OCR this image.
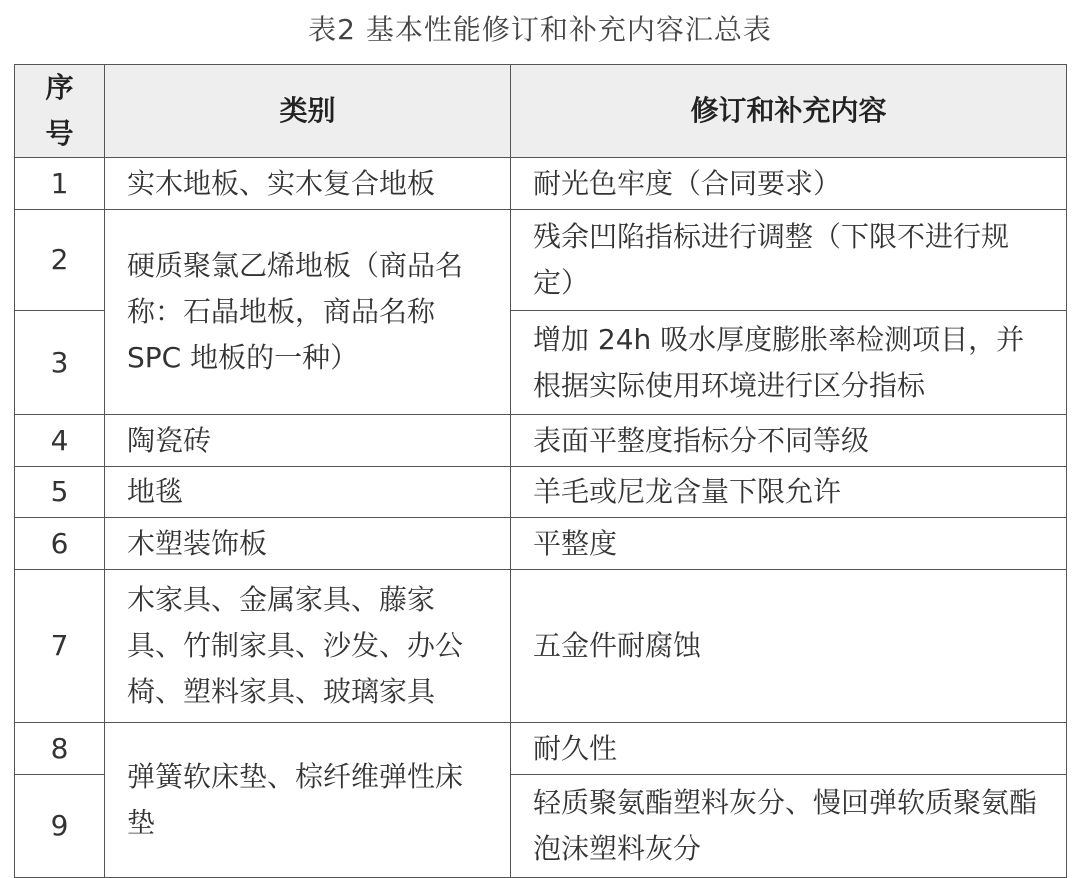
表2 基本性能修订和补充内容汇总表
序号	类别	修订和补充内容
1	实木地板、实木复合地板	耐光色牢度（合同要求）
2	硬质聚氯乙烯地板（商品名称：石晶地板，商品名称 SPC 地板的一种）	残余凹陷指标进行调整（下限不进行规定）
3		增加 24h 吸水厚度膨胀率检测项目，并根据实际使用环境进行区分指标
4	陶瓷砖	表面平整度指标分不同等级
5	地毯	羊毛或尼龙含量下限允许
6	木塑装饰板	平整度
7	木家具、金属家具、藤家具、竹制家具、沙发、办公椅、塑料家具、玻璃家具	五金件耐腐蚀
8	弹簧软床垫、棕纤维弹性床垫	耐久性
9		轻质聚氨酯塑料灰分、慢回弹软质聚氨酯泡沫塑料灰分
